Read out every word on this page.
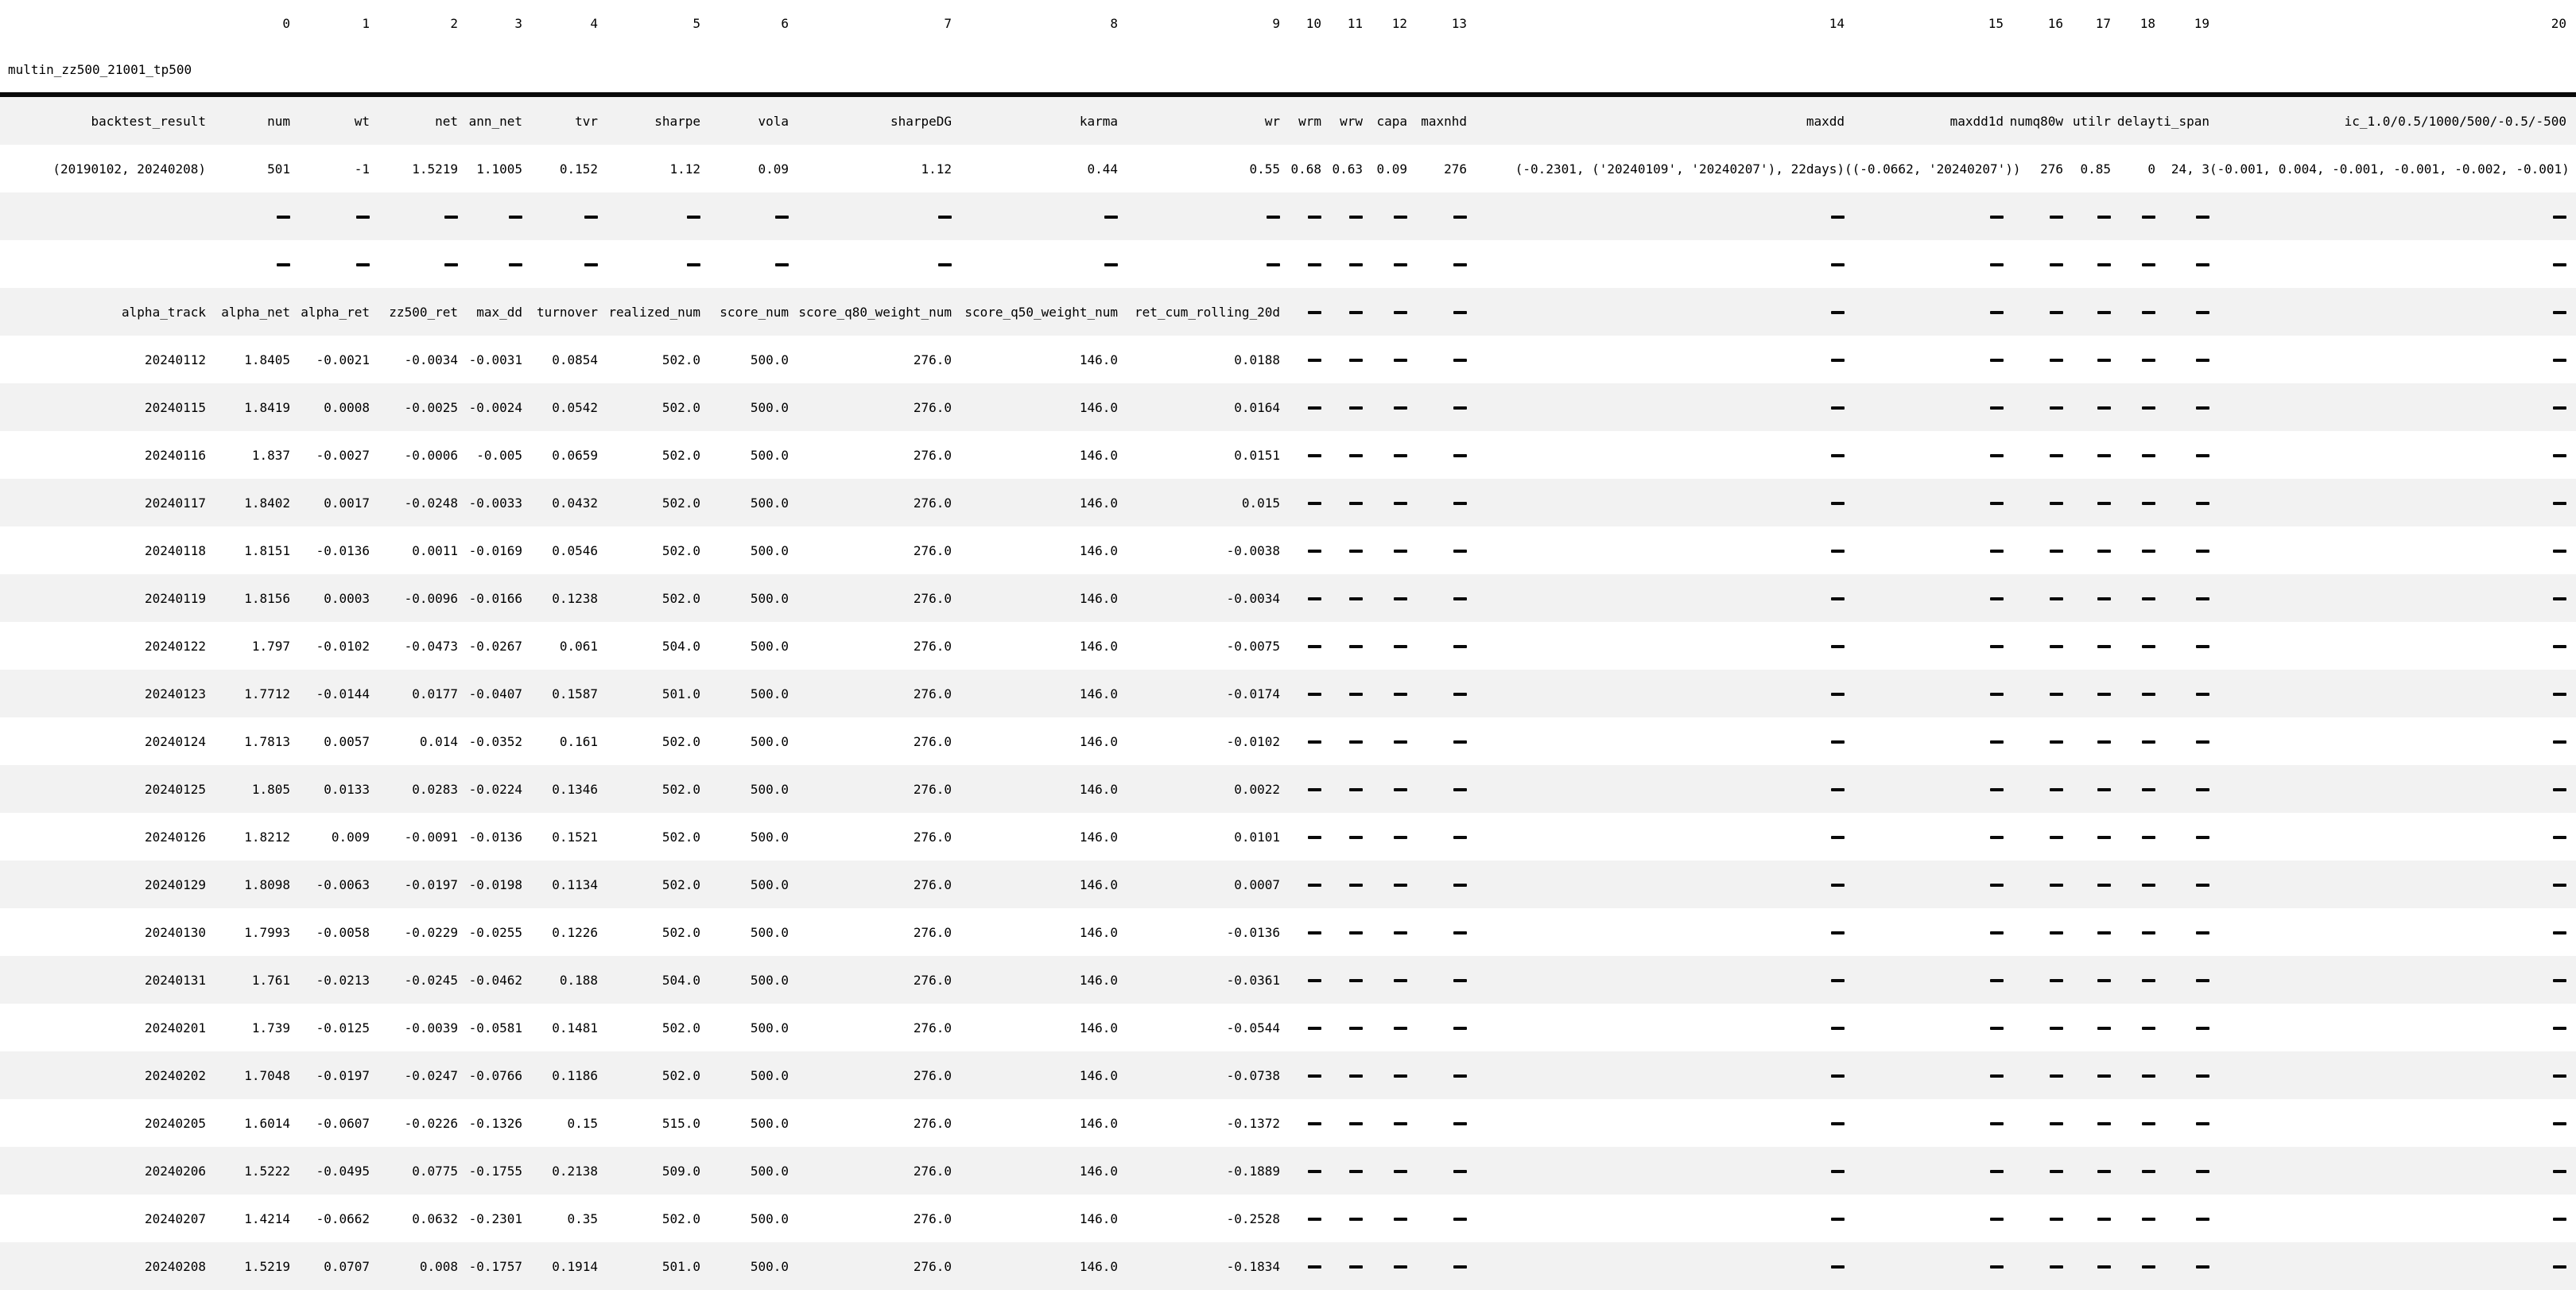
	0	1	2	3	4	5	6	7	8	9	10	11	12	13	14	15	16	17	18	19	20
multin_zz500_21001_tp500																					
backtest_result	num	wt	net	ann_net	tvr	sharpe	vola	sharpeDG	karma	wr	wrm	wrw	capa	maxnhd	maxdd	maxdd1d	numq80w	utilr	delay	ti_span	ic_1.0/0.5/1000/500/-0.5/-500
(20190102, 20240208)	501	-1	1.5219	1.1005	0.152	1.12	0.09	1.12	0.44	0.55	0.68	0.63	0.09	276	(-0.2301, ('20240109', '20240207'), 22days)	((-0.0662, '20240207'))	276	0.85	0	24, 3	(-0.001, 0.004, -0.001, -0.001, -0.002, -0.001)

alpha_track	alpha_net	alpha_ret	zz500_ret	max_dd	turnover	realized_num	score_num	score_q80_weight_num	score_q50_weight_num	ret_cum_rolling_20d											
20240112	1.8405	-0.0021	-0.0034	-0.0031	0.0854	502.0	500.0	276.0	146.0	0.0188											
20240115	1.8419	0.0008	-0.0025	-0.0024	0.0542	502.0	500.0	276.0	146.0	0.0164											
20240116	1.837	-0.0027	-0.0006	-0.005	0.0659	502.0	500.0	276.0	146.0	0.0151											
20240117	1.8402	0.0017	-0.0248	-0.0033	0.0432	502.0	500.0	276.0	146.0	0.015											
20240118	1.8151	-0.0136	0.0011	-0.0169	0.0546	502.0	500.0	276.0	146.0	-0.0038											
20240119	1.8156	0.0003	-0.0096	-0.0166	0.1238	502.0	500.0	276.0	146.0	-0.0034											
20240122	1.797	-0.0102	-0.0473	-0.0267	0.061	504.0	500.0	276.0	146.0	-0.0075											
20240123	1.7712	-0.0144	0.0177	-0.0407	0.1587	501.0	500.0	276.0	146.0	-0.0174											
20240124	1.7813	0.0057	0.014	-0.0352	0.161	502.0	500.0	276.0	146.0	-0.0102											
20240125	1.805	0.0133	0.0283	-0.0224	0.1346	502.0	500.0	276.0	146.0	0.0022											
20240126	1.8212	0.009	-0.0091	-0.0136	0.1521	502.0	500.0	276.0	146.0	0.0101											
20240129	1.8098	-0.0063	-0.0197	-0.0198	0.1134	502.0	500.0	276.0	146.0	0.0007											
20240130	1.7993	-0.0058	-0.0229	-0.0255	0.1226	502.0	500.0	276.0	146.0	-0.0136											
20240131	1.761	-0.0213	-0.0245	-0.0462	0.188	504.0	500.0	276.0	146.0	-0.0361											
20240201	1.739	-0.0125	-0.0039	-0.0581	0.1481	502.0	500.0	276.0	146.0	-0.0544											
20240202	1.7048	-0.0197	-0.0247	-0.0766	0.1186	502.0	500.0	276.0	146.0	-0.0738											
20240205	1.6014	-0.0607	-0.0226	-0.1326	0.15	515.0	500.0	276.0	146.0	-0.1372											
20240206	1.5222	-0.0495	0.0775	-0.1755	0.2138	509.0	500.0	276.0	146.0	-0.1889											
20240207	1.4214	-0.0662	0.0632	-0.2301	0.35	502.0	500.0	276.0	146.0	-0.2528											
20240208	1.5219	0.0707	0.008	-0.1757	0.1914	501.0	500.0	276.0	146.0	-0.1834											
